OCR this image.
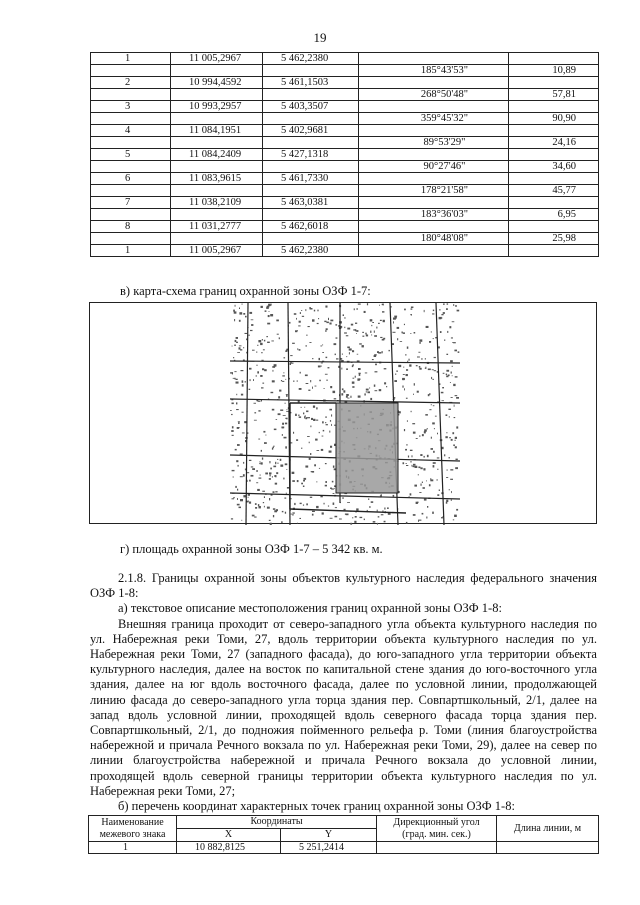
19
1	11 005,2967	5 462,2380		
			185°43'53"	10,89
2	10 994,4592	5 461,1503		
			268°50'48"	57,81
3	10 993,2957	5 403,3507		
			359°45'32"	90,90
4	11 084,1951	5 402,9681		
			89°53'29"	24,16
5	11 084,2409	5 427,1318		
			90°27'46"	34,60
6	11 083,9615	5 461,7330		
			178°21'58"	45,77
7	11 038,2109	5 463,0381		
			183°36'03"	6,95
8	11 031,2777	5 462,6018		
			180°48'08"	25,98
1	11 005,2967	5 462,2380		
в) карта-схема границ охранной зоны ОЗФ 1-7:
г) площадь охранной зоны ОЗФ 1-7 – 5 342 кв. м.

2.1.8. Границы охранной зоны объектов культурного наследия федерального значения ОЗФ 1-8:

а) текстовое описание местоположения границ охранной зоны ОЗФ 1-8:

Внешняя граница проходит от северо-западного угла объекта культурного наследия по ул. Набережная реки Томи, 27, вдоль территории объекта культурного наследия по ул. Набережная реки Томи, 27 (западного фасада), до юго-западного угла территории объекта культурного наследия, далее на восток по капитальной стене здания до юго-восточного угла здания, далее на юг вдоль восточного фасада, далее по условной линии, продолжающей линию фасада до северо-западного угла торца здания пер. Совпартшкольный, 2/1, далее на запад вдоль условной линии, проходящей вдоль северного фасада торца здания пер. Совпартшкольный, 2/1, до подножия пойменного рельефа р. Томи (линия благоустройства набережной и причала Речного вокзала по ул. Набережная реки Томи, 29), далее на север по линии благоустройства набережной и причала Речного вокзала до условной линии, проходящей вдоль северной границы территории объекта культурного наследия по ул. Набережная реки Томи, 27;

б) перечень координат характерных точек границ охранной зоны ОЗФ 1-8:

Наименование межевого знака	Координаты		Дирекционный угол (град. мин. сек.)	Длина линии, м
	X	Y		
1	10 882,8125	5 251,2414		
